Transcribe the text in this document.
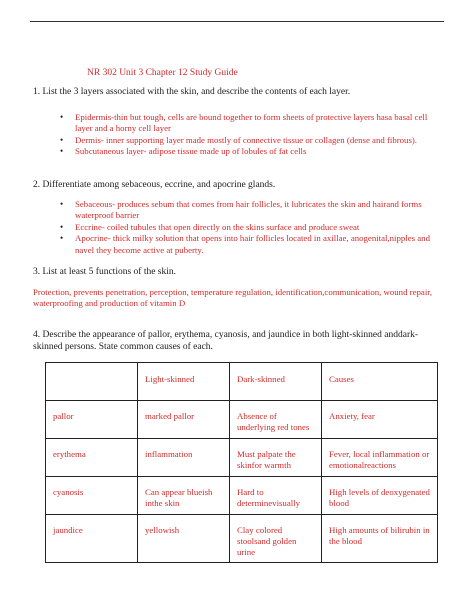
NR 302 Unit 3 Chapter 12 Study Guide
1. List the 3 layers associated with the skin, and describe the contents of each layer.
• Epidermis-thin but tough, cells are bound together to form sheets of protective layers hasa basal cell layer and a horny cell layer
• Dermis- inner supporting layer made mostly of connective tissue or collagen (dense and fibrous).
• Subcutaneous layer- adipose tissue made up of lobules of fat cells
2. Differentiate among sebaceous, eccrine, and apocrine glands.
• Sebaceous- produces sebum that comes from hair follicles, it lubricates the skin and hairand forms waterproof barrier
• Eccrine- coiled tubules that open directly on the skins surface and produce sweat
• Apocrine- thick milky solution that opens into hair follicles located in axillae, anogenital,nipples and navel they become active at puberty.
3. List at least 5 functions of the skin.
Protection, prevents penetration, perception, temperature regulation, identification,communication, wound repair, waterproofing and production of vitamin D
4. Describe the appearance of pallor, erythema, cyanosis, and jaundice in both light-skinned anddark-skinned persons. State common causes of each.
	Light-skinned	Dark-skinned	Causes
pallor	marked pallor	Absence of underlying red tones	Anxiety, fear
erythema	inflammation	Must palpate the skinfor warmth	Fever, local inflammation or emotionalreactions
cyanosis	Can appear blueish inthe skin	Hard to determinevisually	High levels of deoxygenated blood
jaundice	yellowish	Clay colored stoolsand golden urine	High amounts of bilirubin in the blood
